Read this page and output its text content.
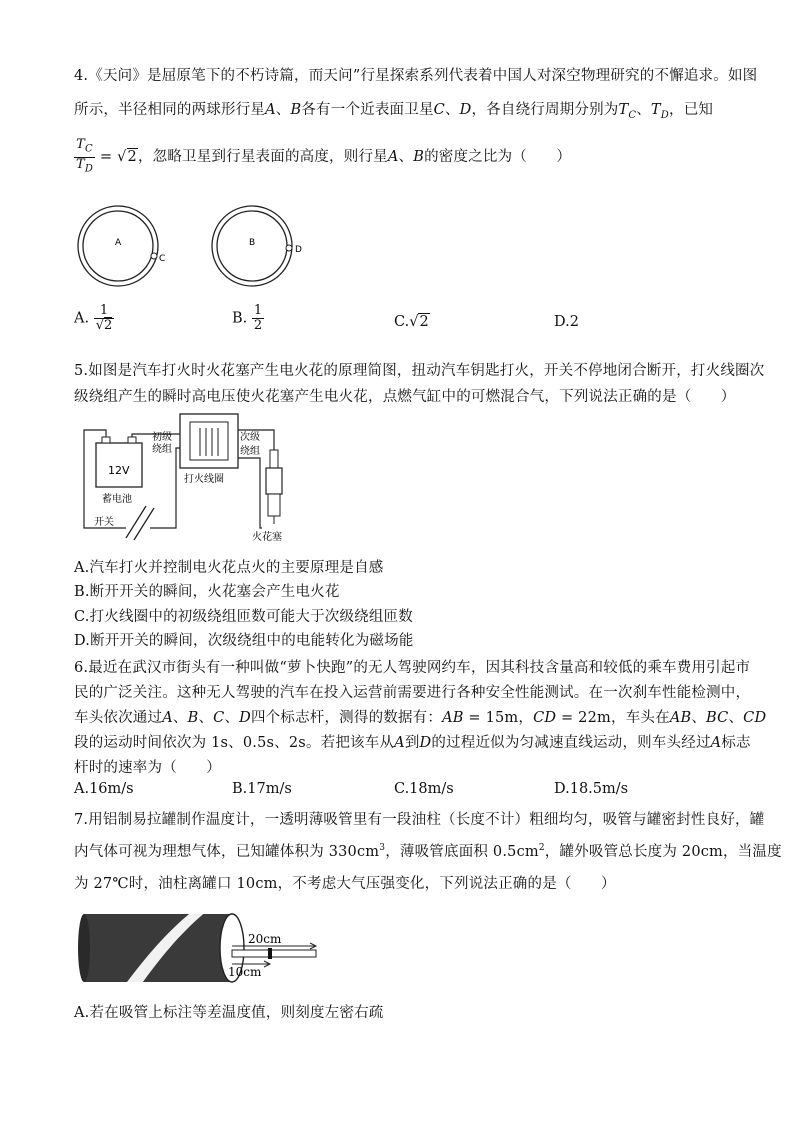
4.《天问》是屈原笔下的不朽诗篇，而天问”行星探索系列代表着中国人对深空物理研究的不懈追求。如图
所示，半径相同的两球形行星A、B各有一个近表面卫星C、D，各自绕行周期分别为$T_C$、$T_D$，已知
$\frac{T_C}{T_D} = √2$，忽略卫星到行星表面的高度，则行星A、B的密度之比为（　　）
A
C
B
D
A. $\frac{1}{√2}$	B. $\frac{1}{2}$	C.√2	D.2
5.如图是汽车打火时火花塞产生电火花的原理简图，扭动汽车钥匙打火，开关不停地闭合断开，打火线圈次
级绕组产生的瞬时高电压使火花塞产生电火花，点燃气缸中的可燃混合气，下列说法正确的是（　　）
12V
蓄电池
开关
初级
绕组
次级
绕组
打火线圈
火花塞
A.汽车打火并控制电火花点火的主要原理是自感
B.断开开关的瞬间，火花塞会产生电火花
C.打火线圈中的初级绕组匝数可能大于次级绕组匝数
D.断开开关的瞬间，次级绕组中的电能转化为磁场能
6.最近在武汉市街头有一种叫做“萝卜快跑”的无人驾驶网约车，因其科技含量高和较低的乘车费用引起市
民的广泛关注。这种无人驾驶的汽车在投入运营前需要进行各种安全性能测试。在一次刹车性能检测中，
车头依次通过A、B、C、D四个标志杆，测得的数据有：AB = 15m，CD = 22m，车头在AB、BC、CD
段的运动时间依次为 1s、0.5s、2s。若把该车从A到D的过程近似为匀减速直线运动，则车头经过A标志
杆时的速率为（　　）
A.16m/s	B.17m/s	C.18m/s	D.18.5m/s
7.用铝制易拉罐制作温度计，一透明薄吸管里有一段油柱（长度不计）粗细均匀，吸管与罐密封性良好，罐
内气体可视为理想气体，已知罐体积为 $330cm^3$，薄吸管底面积 $0.5cm^2$，罐外吸管总长度为 20cm，当温度
为 27℃时，油柱离罐口 10cm，不考虑大气压强变化，下列说法正确的是（　　）
20cm
10cm
A.若在吸管上标注等差温度值，则刻度左密右疏
